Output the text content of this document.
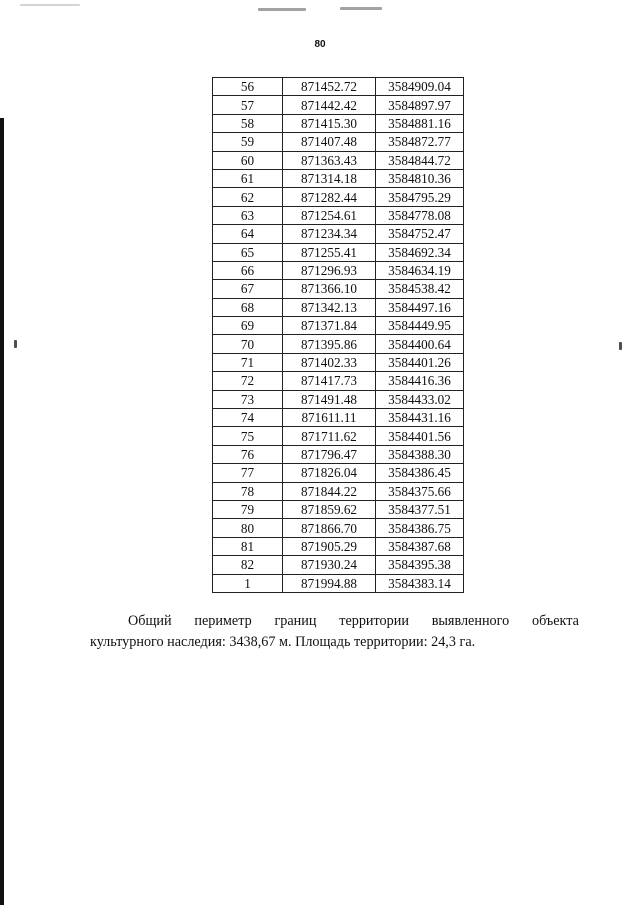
80
56	871452.72	3584909.04
57	871442.42	3584897.97
58	871415.30	3584881.16
59	871407.48	3584872.77
60	871363.43	3584844.72
61	871314.18	3584810.36
62	871282.44	3584795.29
63	871254.61	3584778.08
64	871234.34	3584752.47
65	871255.41	3584692.34
66	871296.93	3584634.19
67	871366.10	3584538.42
68	871342.13	3584497.16
69	871371.84	3584449.95
70	871395.86	3584400.64
71	871402.33	3584401.26
72	871417.73	3584416.36
73	871491.48	3584433.02
74	871611.11	3584431.16
75	871711.62	3584401.56
76	871796.47	3584388.30
77	871826.04	3584386.45
78	871844.22	3584375.66
79	871859.62	3584377.51
80	871866.70	3584386.75
81	871905.29	3584387.68
82	871930.24	3584395.38
1	871994.88	3584383.14
Общий периметр границ территории выявленного объекта
культурного наследия: 3438,67 м. Площадь территории: 24,3 га.
